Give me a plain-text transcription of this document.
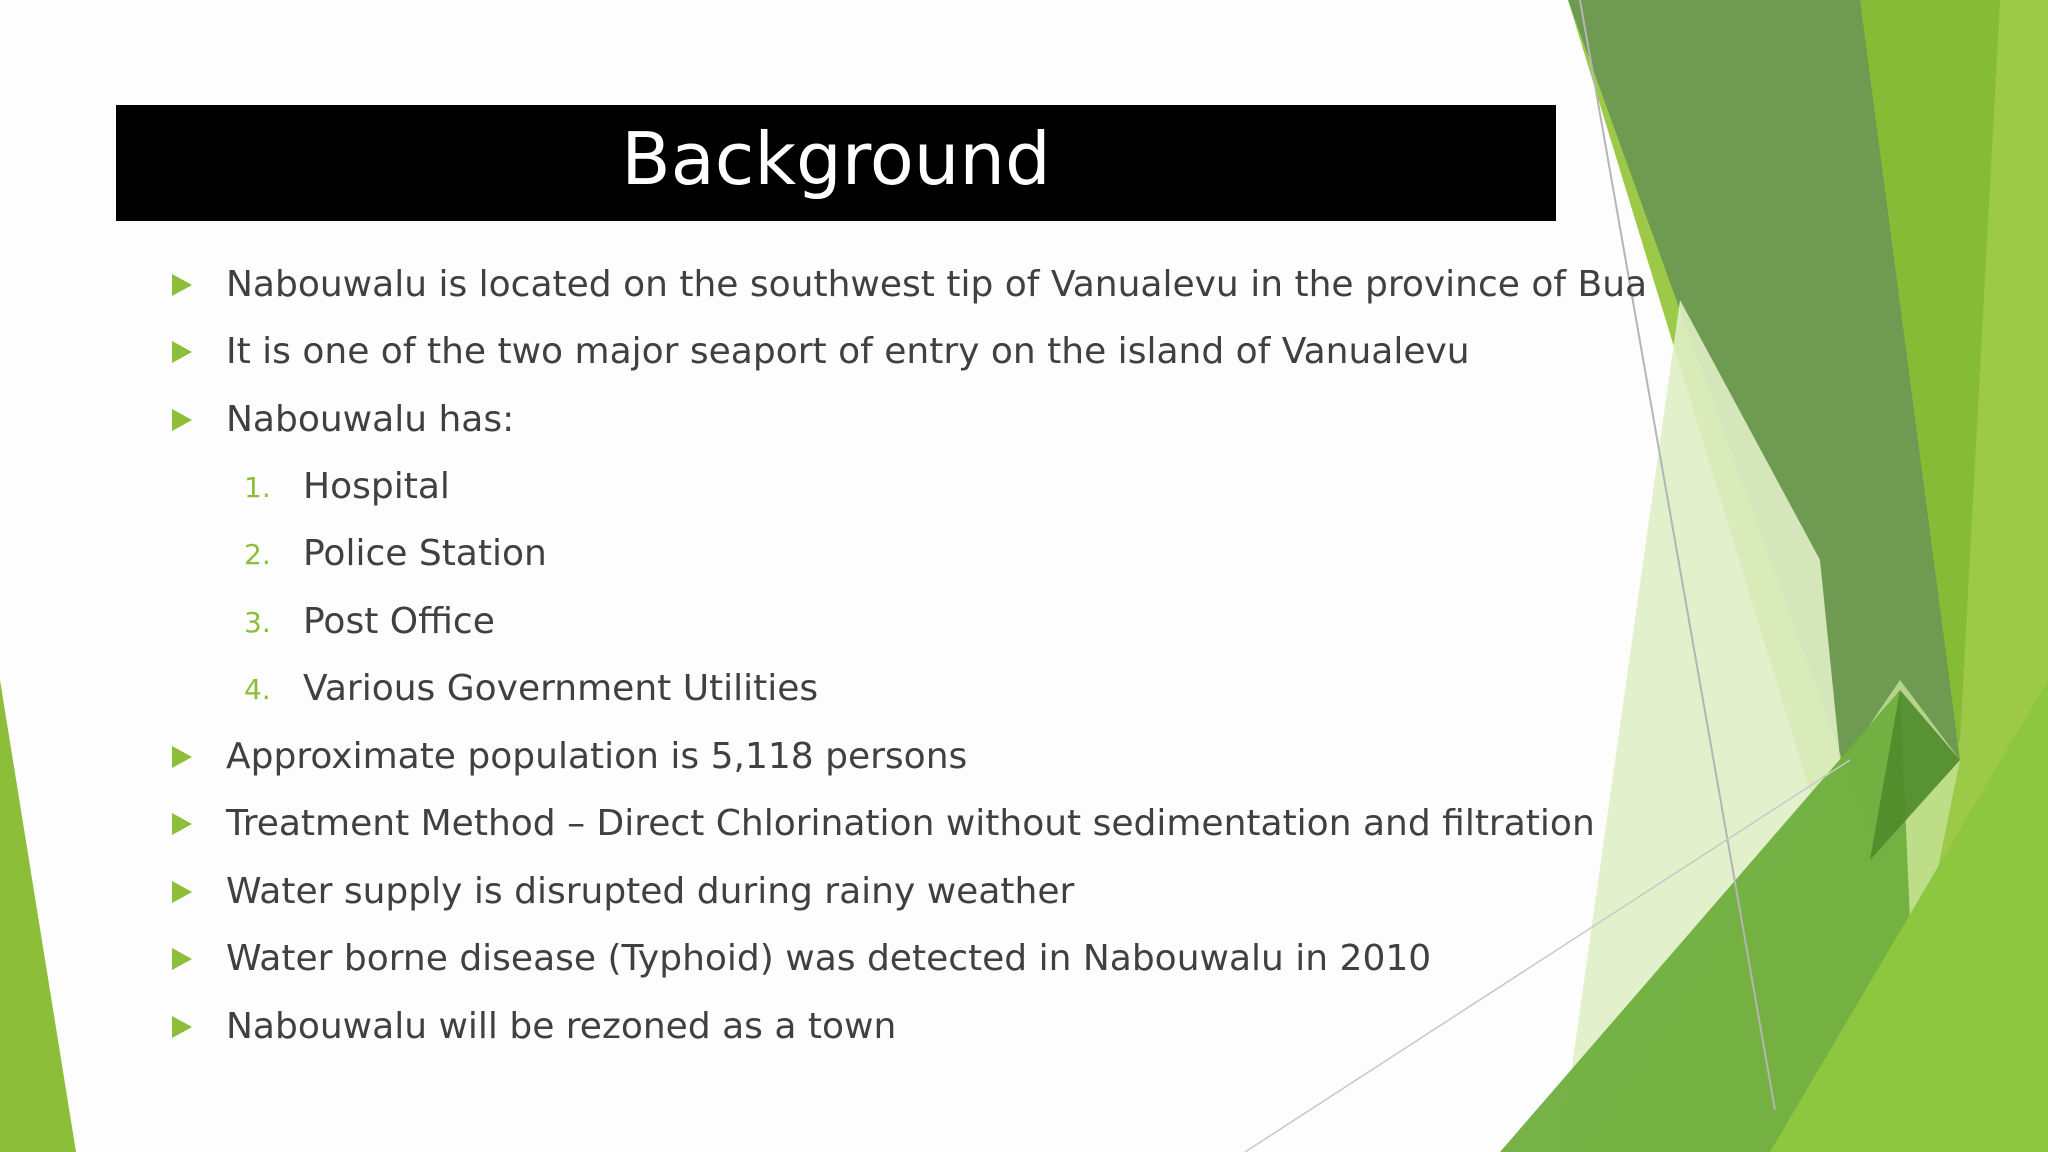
Background
Nabouwalu is located on the southwest tip of Vanualevu in the province of Bua
It is one of the two major seaport of entry on the island of Vanualevu
Nabouwalu has:
1. Hospital
2. Police Station
3. Post Office
4. Various Government Utilities
Approximate population is 5,118 persons
Treatment Method – Direct Chlorination without sedimentation and filtration
Water supply is disrupted during rainy weather
Water borne disease (Typhoid) was detected in Nabouwalu in 2010
Nabouwalu will be rezoned as a town
